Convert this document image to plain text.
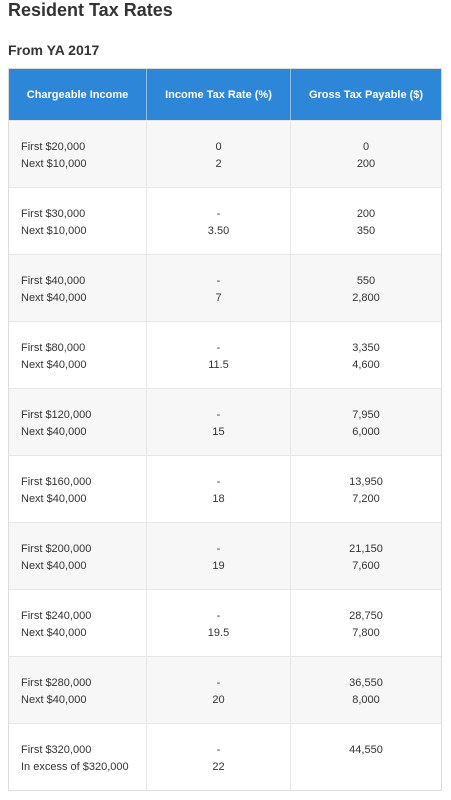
Resident Tax Rates
From YA 2017
Chargeable Income	Income Tax Rate (%)	Gross Tax Payable ($)
First $20,000
Next $10,000
0
2
0
200
First $30,000
Next $10,000
-
3.50
200
350
First $40,000
Next $40,000
-
7
550
2,800
First $80,000
Next $40,000
-
11.5
3,350
4,600
First $120,000
Next $40,000
-
15
7,950
6,000
First $160,000
Next $40,000
-
18
13,950
7,200
First $200,000
Next $40,000
-
19
21,150
7,600
First $240,000
Next $40,000
-
19.5
28,750
7,800
First $280,000
Next $40,000
-
20
36,550
8,000
First $320,000
In excess of $320,000
-
22
44,550
